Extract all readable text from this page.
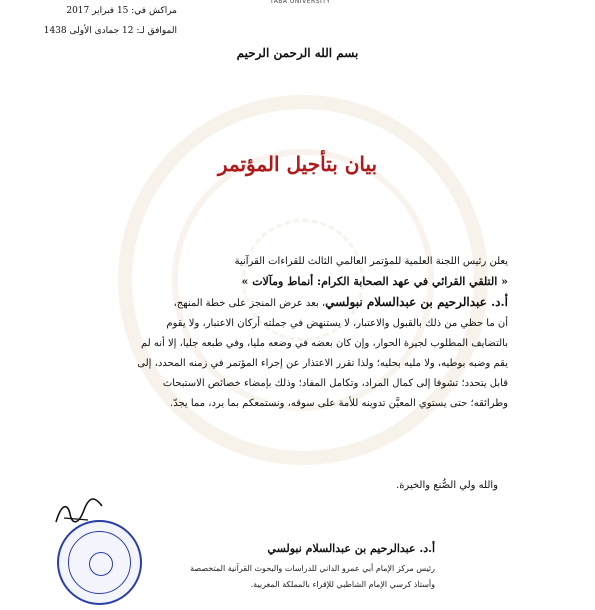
TABA UNIVERSITY
مراكش في: 15 فبراير 2017
الموافق لـ: 12 جمادى الأولى 1438
بسم الله الرحمن الرحيم
بيان بتأجيل المؤتمر
يعلن رئيس اللجنة العلمية للمؤتمر العالمي الثالث للقراءات القرآنية
« التلقي القرائي في عهد الصحابة الكرام: أنماط ومآلات »
أ.د. عبدالرحيم بن عبدالسلام نبولسي، بعد عرض المنجز على خطة المنهج،
أن ما حظي من ذلك بالقبول والاعتبار، لا يستنهض في جملته أركان الاعتبار، ولا يقوم
بالتضايف المطلوب لجيرة الحوار، وإن كان بعضه في وضعه مليا، وفي طبعه جليا، إلا أنه لم
يقم وضبه بوطيه، ولا مليه بحليه؛ ولذا تقرر الاعتذار عن إجراء المؤتمر في زمنه المحدد، إلى
قابل يتحدد؛ تشوفا إلى كمال المراد، وتكامل المفاد؛ وذلك بإمضاء خصائص الاستبحاث
وطرائقه؛ حتى يستوي المعيَّن تدوينه للأمة على سوقه، ونستمعكم بما يرد، مما يجدّ.
والله ولي الصُّنع والخيرة.
أ.د. عبدالرحيم بن عبدالسلام نبولسي
رئيس مركز الإمام أبي عمرو الداني للدراسات والبحوث القرآنية المتخصصة
وأستاذ كرسي الإمام الشاطبي للإقراء بالمملكة المغربية.
